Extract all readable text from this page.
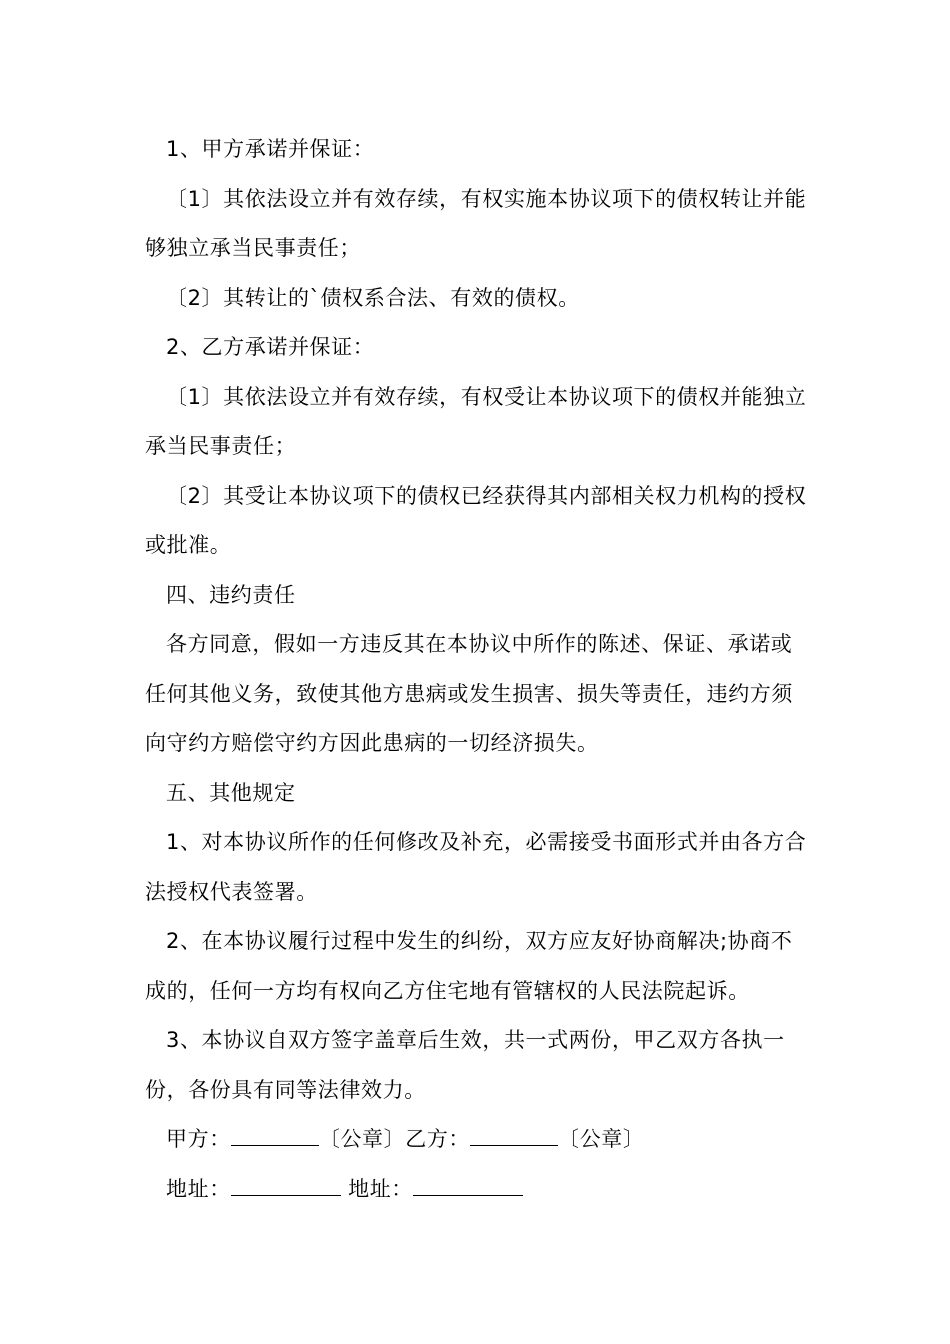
1、甲方承诺并保证：

〔1〕其依法设立并有效存续，有权实施本协议项下的债权转让并能够独立承当民事责任；

〔2〕其转让的`债权系合法、有效的债权。

2、乙方承诺并保证：

〔1〕其依法设立并有效存续，有权受让本协议项下的债权并能独立承当民事责任；

〔2〕其受让本协议项下的债权已经获得其内部相关权力机构的授权或批准。

四、违约责任

各方同意，假如一方违反其在本协议中所作的陈述、保证、承诺或任何其他义务，致使其他方患病或发生损害、损失等责任，违约方须向守约方赔偿守约方因此患病的一切经济损失。

五、其他规定

1、对本协议所作的任何修改及补充，必需接受书面形式并由各方合法授权代表签署。

2、在本协议履行过程中发生的纠纷，双方应友好协商解决;协商不成的，任何一方均有权向乙方住宅地有管辖权的人民法院起诉。

3、本协议自双方签字盖章后生效，共一式两份，甲乙双方各执一份，各份具有同等法律效力。

甲方：	〔公章〕乙方：	〔公章〕
地址：	地址：
